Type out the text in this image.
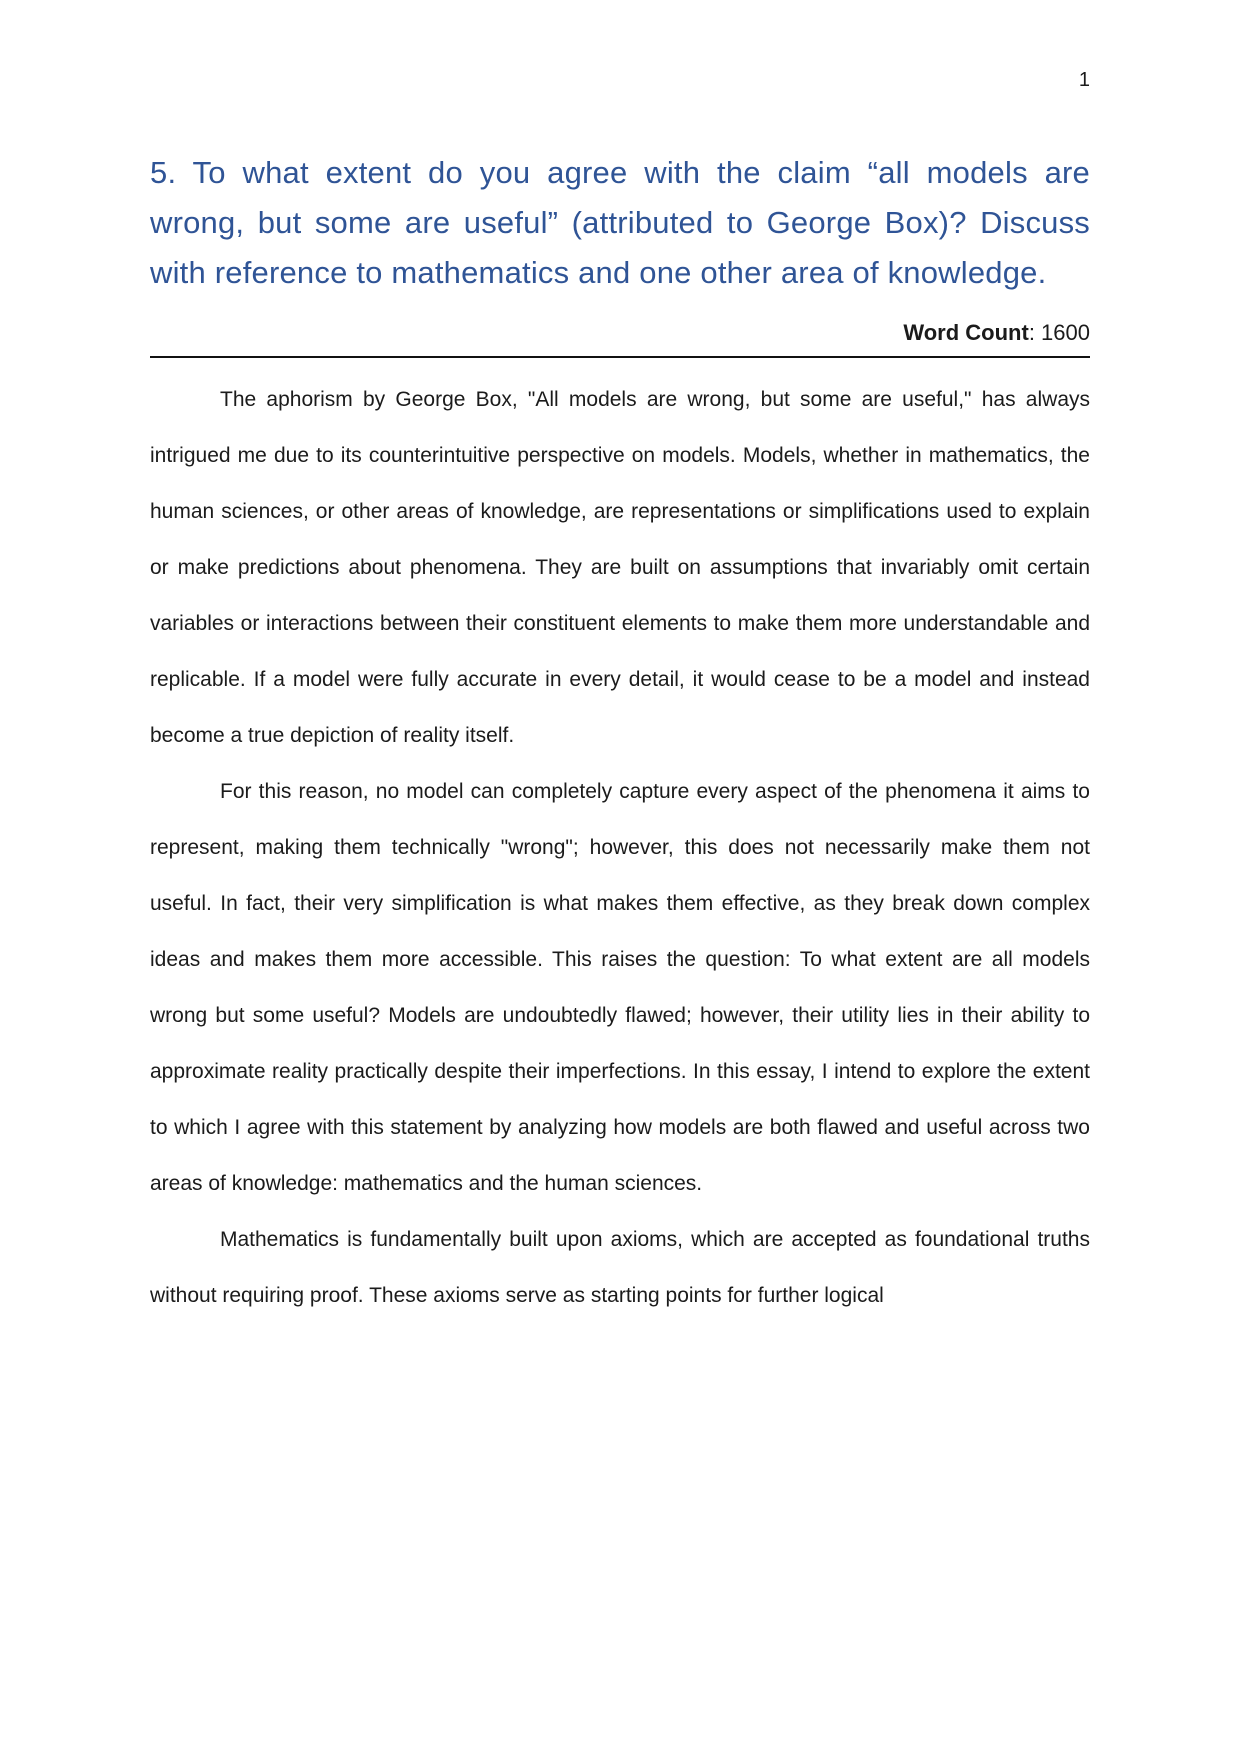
1
5. To what extent do you agree with the claim “all models are wrong, but some are useful” (attributed to George Box)? Discuss with reference to mathematics and one other area of knowledge.
Word Count: 1600

The aphorism by George Box, "All models are wrong, but some are useful," has always intrigued me due to its counterintuitive perspective on models. Models, whether in mathematics, the human sciences, or other areas of knowledge, are representations or simplifications used to explain or make predictions about phenomena. They are built on assumptions that invariably omit certain variables or interactions between their constituent elements to make them more understandable and replicable. If a model were fully accurate in every detail, it would cease to be a model and instead become a true depiction of reality itself.

For this reason, no model can completely capture every aspect of the phenomena it aims to represent, making them technically "wrong"; however, this does not necessarily make them not useful. In fact, their very simplification is what makes them effective, as they break down complex ideas and makes them more accessible. This raises the question: To what extent are all models wrong but some useful? Models are undoubtedly flawed; however, their utility lies in their ability to approximate reality practically despite their imperfections. In this essay, I intend to explore the extent to which I agree with this statement by analyzing how models are both flawed and useful across two areas of knowledge: mathematics and the human sciences.

Mathematics is fundamentally built upon axioms, which are accepted as foundational truths without requiring proof. These axioms serve as starting points for further logical
